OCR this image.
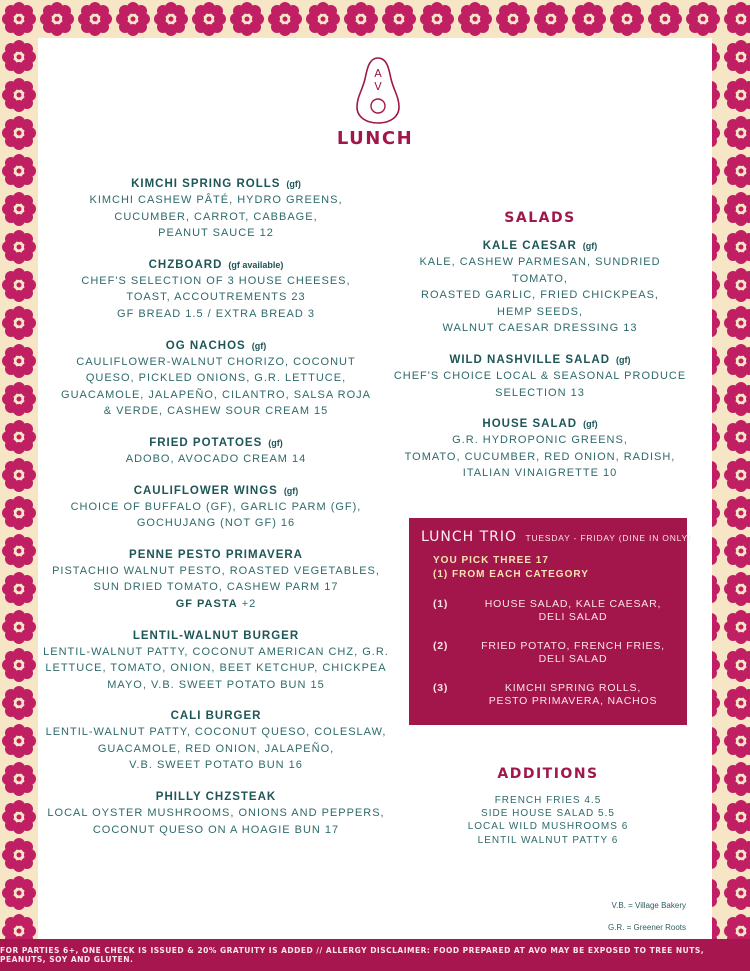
A
V
LUNCH
KIMCHI SPRING ROLLS (gf)
KIMCHI CASHEW PÂTÉ, HYDRO GREENS,
CUCUMBER, CARROT, CABBAGE,
PEANUT SAUCE 12
CHZBOARD (gf available)
CHEF'S SELECTION OF 3 HOUSE CHEESES,
TOAST, ACCOUTREMENTS 23
GF BREAD 1.5 / EXTRA BREAD 3
OG NACHOS (gf)
CAULIFLOWER-WALNUT CHORIZO, COCONUT
QUESO, PICKLED ONIONS, G.R. LETTUCE,
GUACAMOLE, JALAPEÑO, CILANTRO, SALSA ROJA
& VERDE, CASHEW SOUR CREAM 15
FRIED POTATOES (gf)
ADOBO, AVOCADO CREAM 14
CAULIFLOWER WINGS (gf)
CHOICE OF BUFFALO (GF), GARLIC PARM (GF),
GOCHUJANG (NOT GF) 16
PENNE PESTO PRIMAVERA
PISTACHIO WALNUT PESTO, ROASTED VEGETABLES,
SUN DRIED TOMATO, CASHEW PARM 17
GF PASTA +2
LENTIL-WALNUT BURGER
LENTIL-WALNUT PATTY, COCONUT AMERICAN CHZ, G.R.
LETTUCE, TOMATO, ONION, BEET KETCHUP, CHICKPEA
MAYO, V.B. SWEET POTATO BUN 15
CALI BURGER
LENTIL-WALNUT PATTY, COCONUT QUESO, COLESLAW,
GUACAMOLE, RED ONION, JALAPEÑO,
V.B. SWEET POTATO BUN 16
PHILLY CHZSTEAK
LOCAL OYSTER MUSHROOMS, ONIONS AND PEPPERS,
COCONUT QUESO ON A HOAGIE BUN 17
SALADS
KALE CAESAR (gf)
KALE, CASHEW PARMESAN, SUNDRIED TOMATO,
ROASTED GARLIC, FRIED CHICKPEAS,
HEMP SEEDS,
WALNUT CAESAR DRESSING 13
WILD NASHVILLE SALAD (gf)
CHEF'S CHOICE LOCAL & SEASONAL PRODUCE
SELECTION 13
HOUSE SALAD (gf)
G.R. HYDROPONIC GREENS,
TOMATO, CUCUMBER, RED ONION, RADISH,
ITALIAN VINAIGRETTE 10
LUNCH TRIO TUESDAY - FRIDAY (DINE IN ONLY)
YOU PICK THREE 17
(1) FROM EACH CATEGORY
(1)	HOUSE SALAD, KALE CAESAR,
DELI SALAD
(2)	FRIED POTATO, FRENCH FRIES,
DELI SALAD
(3)	KIMCHI SPRING ROLLS,
PESTO PRIMAVERA, NACHOS
ADDITIONS
FRENCH FRIES 4.5
SIDE HOUSE SALAD 5.5
LOCAL WILD MUSHROOMS 6
LENTIL WALNUT PATTY 6
V.B. = Village Bakery
G.R. = Greener Roots
FOR PARTIES 6+, ONE CHECK IS ISSUED & 20% GRATUITY IS ADDED // ALLERGY DISCLAIMER: FOOD PREPARED AT AVO MAY BE EXPOSED TO TREE NUTS, PEANUTS, SOY AND GLUTEN.
